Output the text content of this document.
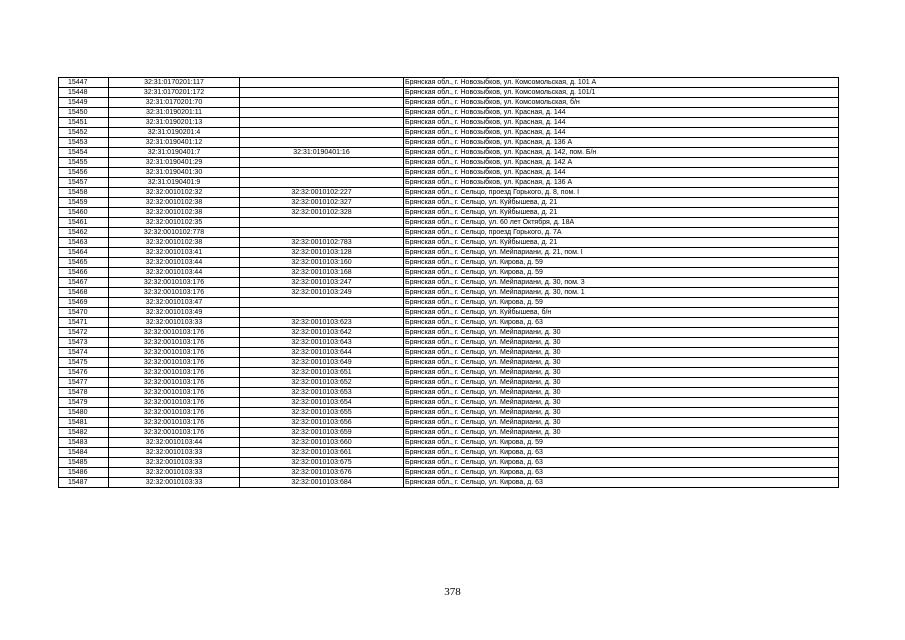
15447	32:31:0170201:117		Брянская обл., г. Новозыбков, ул. Комсомольская, д. 101 А
15448	32:31:0170201:172		Брянская обл., г. Новозыбков, ул. Комсомольская, д. 101/1
15449	32:31:0170201:70		Брянская обл., г. Новозыбков, ул. Комсомольская, б/н
15450	32:31:0190201:11		Брянская обл., г. Новозыбков, ул. Красная, д. 144
15451	32:31:0190201:13		Брянская обл., г. Новозыбков, ул. Красная, д. 144
15452	32:31:0190201:4		Брянская обл., г. Новозыбков, ул. Красная, д. 144
15453	32:31:0190401:12		Брянская обл., г. Новозыбков, ул. Красная, д. 136 А
15454	32:31:0190401:7	32:31:0190401:16	Брянская обл., г. Новозыбков, ул. Красная, д. 142, пом. Б/н
15455	32:31:0190401:29		Брянская обл., г. Новозыбков, ул. Красная, д. 142 А
15456	32:31:0190401:30		Брянская обл., г. Новозыбков, ул. Красная, д. 144
15457	32:31:0190401:9		Брянская обл., г. Новозыбков, ул. Красная, д. 136 А
15458	32:32:0010102:32	32:32:0010102:227	Брянская обл., г. Сельцо, проезд Горького, д. 8, пом. I
15459	32:32:0010102:38	32:32:0010102:327	Брянская обл., г. Сельцо, ул. Куйбышева, д. 21
15460	32:32:0010102:38	32:32:0010102:328	Брянская обл., г. Сельцо, ул. Куйбышева, д. 21
15461	32:32:0010102:35		Брянская обл., г. Сельцо, ул. 60 лет Октября, д. 18А
15462	32:32:0010102:778		Брянская обл., г. Сельцо, проезд Горького, д. 7А
15463	32:32:0010102:38	32:32:0010102:783	Брянская обл., г. Сельцо, ул. Куйбышева, д. 21
15464	32:32:0010103:41	32:32:0010103:128	Брянская обл., г. Сельцо, ул. Мейпариани, д. 21, пом. I
15465	32:32:0010103:44	32:32:0010103:160	Брянская обл., г. Сельцо, ул. Кирова, д. 59
15466	32:32:0010103:44	32:32:0010103:168	Брянская обл., г. Сельцо, ул. Кирова, д. 59
15467	32:32:0010103:176	32:32:0010103:247	Брянская обл., г. Сельцо, ул. Мейпариани, д. 30, пом. 3
15468	32:32:0010103:176	32:32:0010103:249	Брянская обл., г. Сельцо, ул. Мейпариани, д. 30, пом. 1
15469	32:32:0010103:47		Брянская обл., г. Сельцо, ул. Кирова, д. 59
15470	32:32:0010103:49		Брянская обл., г. Сельцо, ул. Куйбышева, б/н
15471	32:32:0010103:33	32:32:0010103:623	Брянская обл., г. Сельцо, ул. Кирова, д. 63
15472	32:32:0010103:176	32:32:0010103:642	Брянская обл., г. Сельцо, ул. Мейпариани, д. 30
15473	32:32:0010103:176	32:32:0010103:643	Брянская обл., г. Сельцо, ул. Мейпариани, д. 30
15474	32:32:0010103:176	32:32:0010103:644	Брянская обл., г. Сельцо, ул. Мейпариани, д. 30
15475	32:32:0010103:176	32:32:0010103:649	Брянская обл., г. Сельцо, ул. Мейпариани, д. 30
15476	32:32:0010103:176	32:32:0010103:651	Брянская обл., г. Сельцо, ул. Мейпариани, д. 30
15477	32:32:0010103:176	32:32:0010103:652	Брянская обл., г. Сельцо, ул. Мейпариани, д. 30
15478	32:32:0010103:176	32:32:0010103:653	Брянская обл., г. Сельцо, ул. Мейпариани, д. 30
15479	32:32:0010103:176	32:32:0010103:654	Брянская обл., г. Сельцо, ул. Мейпариани, д. 30
15480	32:32:0010103:176	32:32:0010103:655	Брянская обл., г. Сельцо, ул. Мейпариани, д. 30
15481	32:32:0010103:176	32:32:0010103:656	Брянская обл., г. Сельцо, ул. Мейпариани, д. 30
15482	32:32:0010103:176	32:32:0010103:659	Брянская обл., г. Сельцо, ул. Мейпариани, д. 30
15483	32:32:0010103:44	32:32:0010103:660	Брянская обл., г. Сельцо, ул. Кирова, д. 59
15484	32:32:0010103:33	32:32:0010103:661	Брянская обл., г. Сельцо, ул. Кирова, д. 63
15485	32:32:0010103:33	32:32:0010103:675	Брянская обл., г. Сельцо, ул. Кирова, д. 63
15486	32:32:0010103:33	32:32:0010103:676	Брянская обл., г. Сельцо, ул. Кирова, д. 63
15487	32:32:0010103:33	32:32:0010103:684	Брянская обл., г. Сельцо, ул. Кирова, д. 63
378
